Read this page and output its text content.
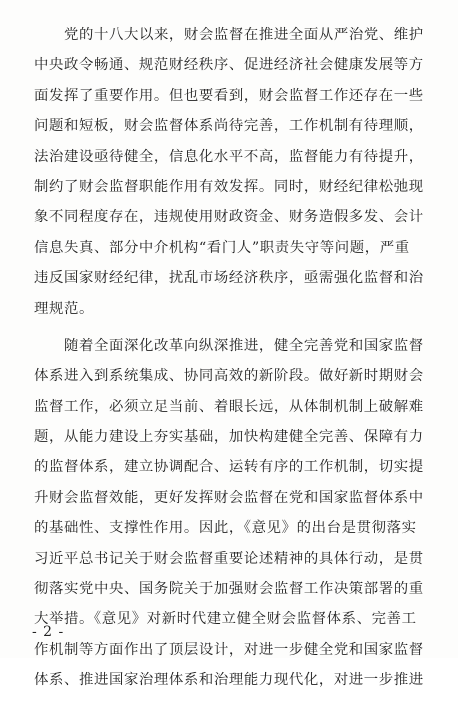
党的十八大以来，财会监督在推进全面从严治党、维护
中央政令畅通、规范财经秩序、促进经济社会健康发展等方
面发挥了重要作用。但也要看到，财会监督工作还存在一些
问题和短板，财会监督体系尚待完善，工作机制有待理顺，
法治建设亟待健全，信息化水平不高，监督能力有待提升，
制约了财会监督职能作用有效发挥。同时，财经纪律松弛现
象不同程度存在，违规使用财政资金、财务造假多发、会计
信息失真、部分中介机构“看门人”职责失守等问题，严重
违反国家财经纪律，扰乱市场经济秩序，亟需强化监督和治
理规范。
随着全面深化改革向纵深推进，健全完善党和国家监督
体系进入到系统集成、协同高效的新阶段。做好新时期财会
监督工作，必须立足当前、着眼长远，从体制机制上破解难
题，从能力建设上夯实基础，加快构建健全完善、保障有力
的监督体系，建立协调配合、运转有序的工作机制，切实提
升财会监督效能，更好发挥财会监督在党和国家监督体系中
的基础性、支撑性作用。因此，《意见》的出台是贯彻落实
习近平总书记关于财会监督重要论述精神的具体行动，是贯
彻落实党中央、国务院关于加强财会监督工作决策部署的重
大举措。《意见》对新时代建立健全财会监督体系、完善工
作机制等方面作出了顶层设计，对进一步健全党和国家监督
体系、推进国家治理体系和治理能力现代化，对进一步推进
- 2 -
